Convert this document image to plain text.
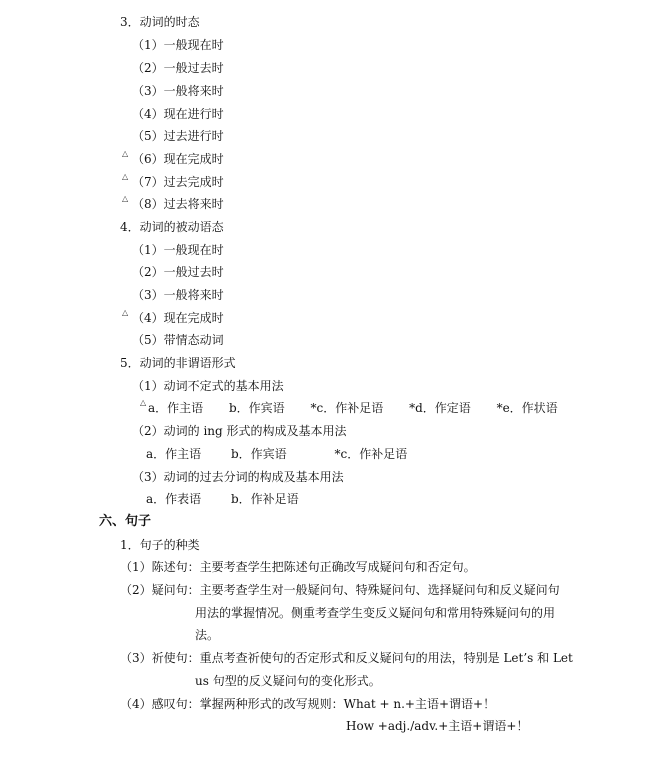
3．动词的时态
（1）一般现在时
（2）一般过去时
（3）一般将来时
（4）现在进行时
（5）过去进行时
△ （6）现在完成时
△ （7）过去完成时
△ （8）过去将来时
4．动词的被动语态
（1）一般现在时
（2）一般过去时
（3）一般将来时
△ （4）现在完成时
（5）带情态动词
5．动词的非谓语形式
（1）动词不定式的基本用法
△ a．作主语 b．作宾语 *c．作补足语 *d．作定语 *e．作状语
（2）动词的 ing 形式的构成及基本用法
a．作主语 b．作宾语	*c．作补足语
（3）动词的过去分词的构成及基本用法
a．作表语 b．作补足语
六、句子
1．句子的种类
（1）陈述句：主要考查学生把陈述句正确改写成疑问句和否定句。
（2）疑问句：主要考查学生对一般疑问句、特殊疑问句、选择疑问句和反义疑问句
用法的掌握情况。侧重考查学生变反义疑问句和常用特殊疑问句的用
法。
（3）祈使句：重点考查祈使句的否定形式和反义疑问句的用法，特别是 Let’s 和 Let
us 句型的反义疑问句的变化形式。
（4）感叹句：掌握两种形式的改写规则：What + n.+主语+谓语+！
How +adj./adv.+主语+谓语+！
